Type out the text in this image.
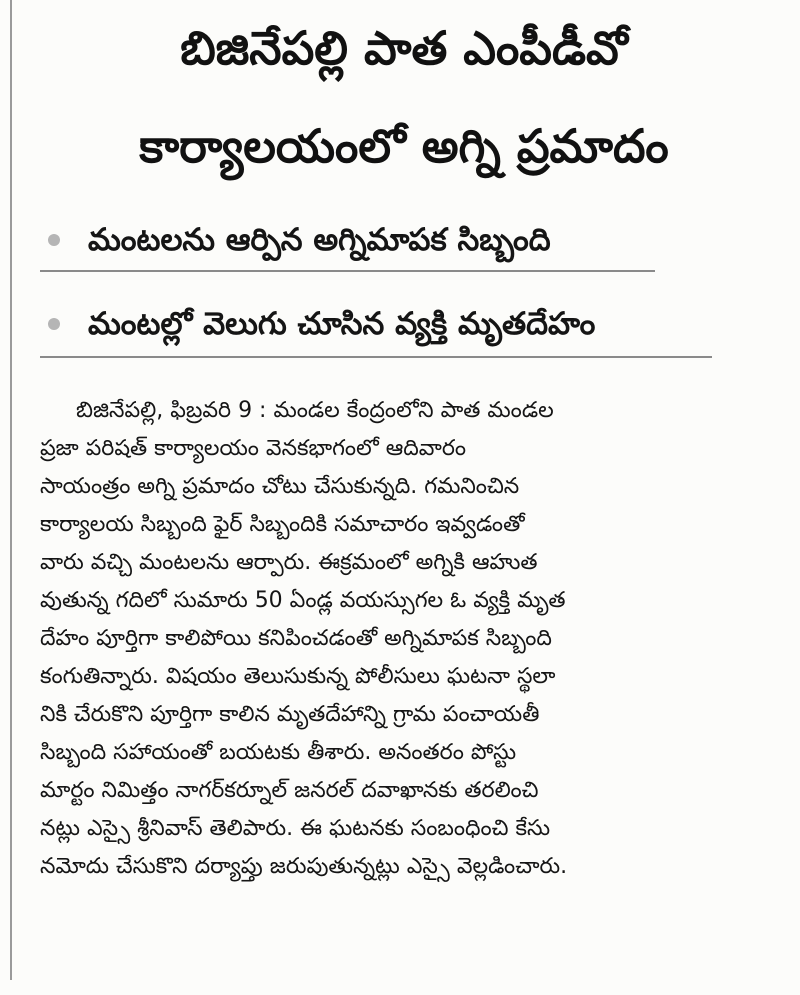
బిజినేపల్లి పాత ఎంపీడీవో
కార్యాలయంలో అగ్ని ప్రమాదం
మంటలను ఆర్పిన అగ్నిమాపక సిబ్బంది
మంటల్లో వెలుగు చూసిన వ్యక్తి మృతదేహం
బిజినేపల్లి, ఫిబ్రవరి 9 : మండల కేంద్రంలోని పాత మండల
ప్రజా పరిషత్ కార్యాలయం వెనకభాగంలో ఆదివారం
సాయంత్రం అగ్ని ప్రమాదం చోటు చేసుకున్నది. గమనించిన
కార్యాలయ సిబ్బంది ఫైర్ సిబ్బందికి సమాచారం ఇవ్వడంతో
వారు వచ్చి మంటలను ఆర్పారు. ఈక్రమంలో అగ్నికి ఆహుత
వుతున్న గదిలో సుమారు 50 ఏండ్ల వయస్సుగల ఓ వ్యక్తి మృత
దేహం పూర్తిగా కాలిపోయి కనిపించడంతో అగ్నిమాపక సిబ్బంది
కంగుతిన్నారు. విషయం తెలుసుకున్న పోలీసులు ఘటనా స్థలా
నికి చేరుకొని పూర్తిగా కాలిన మృతదేహాన్ని గ్రామ పంచాయతీ
సిబ్బంది సహాయంతో బయటకు తీశారు. అనంతరం పోస్టు
మార్టం నిమిత్తం నాగర్‌కర్నూల్ జనరల్ దవాఖానకు తరలించి
నట్లు ఎస్సై శ్రీనివాస్ తెలిపారు. ఈ ఘటనకు సంబంధించి కేసు
నమోదు చేసుకొని దర్యాప్తు జరుపుతున్నట్లు ఎస్సై వెల్లడించారు.
